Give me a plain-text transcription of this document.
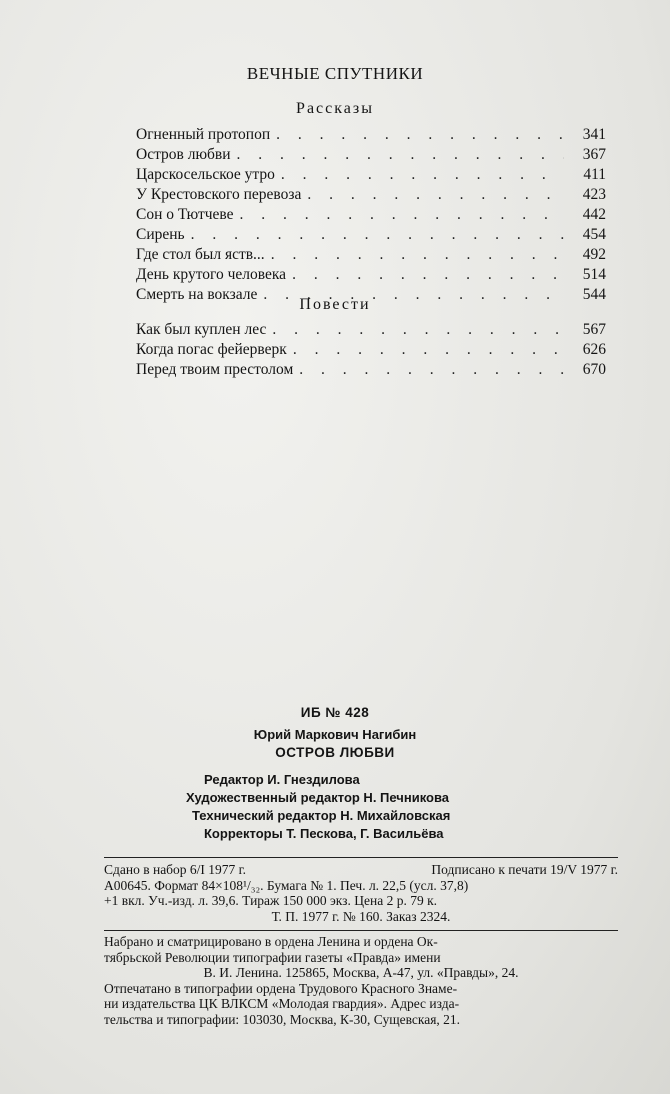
ВЕЧНЫЕ СПУТНИКИ
Рассказы
Огненный протопоп . . .	341
Остров любви . . .	367
Царскосельское утро . . .	411
У Крестовского перевоза . . .	423
Сон о Тютчеве . . .	442
Сирень . . .	454
Где стол был яств... . . .	492
День крутого человека . . .	514
Смерть на вокзале . . .	544
Повести
Как был куплен лес . . .	567
Когда погас фейерверк . . .	626
Перед твоим престолом . . .	670
ИБ № 428
Юрий Маркович Нагибин
ОСТРОВ ЛЮБВИ
Редактор И. Гнездилова
Художественный редактор Н. Печникова
Технический редактор Н. Михайловская
Корректоры Т. Пескова, Г. Васильёва
Сдано в набор 6/I 1977 г.	Подписано к печати 19/V 1977 г.
А00645. Формат 84×108¹/₃₂. Бумага № 1. Печ. л. 22,5 (усл. 37,8)
+1 вкл. Уч.-изд. л. 39,6. Тираж 150 000 экз. Цена 2 р. 79 к.
Т. П. 1977 г. № 160. Заказ 2324.
Набрано и сматрицировано в ордена Ленина и ордена Ок-
тябрьской Революции типографии газеты «Правда» имени
В. И. Ленина. 125865, Москва, А-47, ул. «Правды», 24.
Отпечатано в типографии ордена Трудового Красного Знаме-
ни издательства ЦК ВЛКСМ «Молодая гвардия». Адрес изда-
тельства и типографии: 103030, Москва, К-30, Сущевская, 21.
